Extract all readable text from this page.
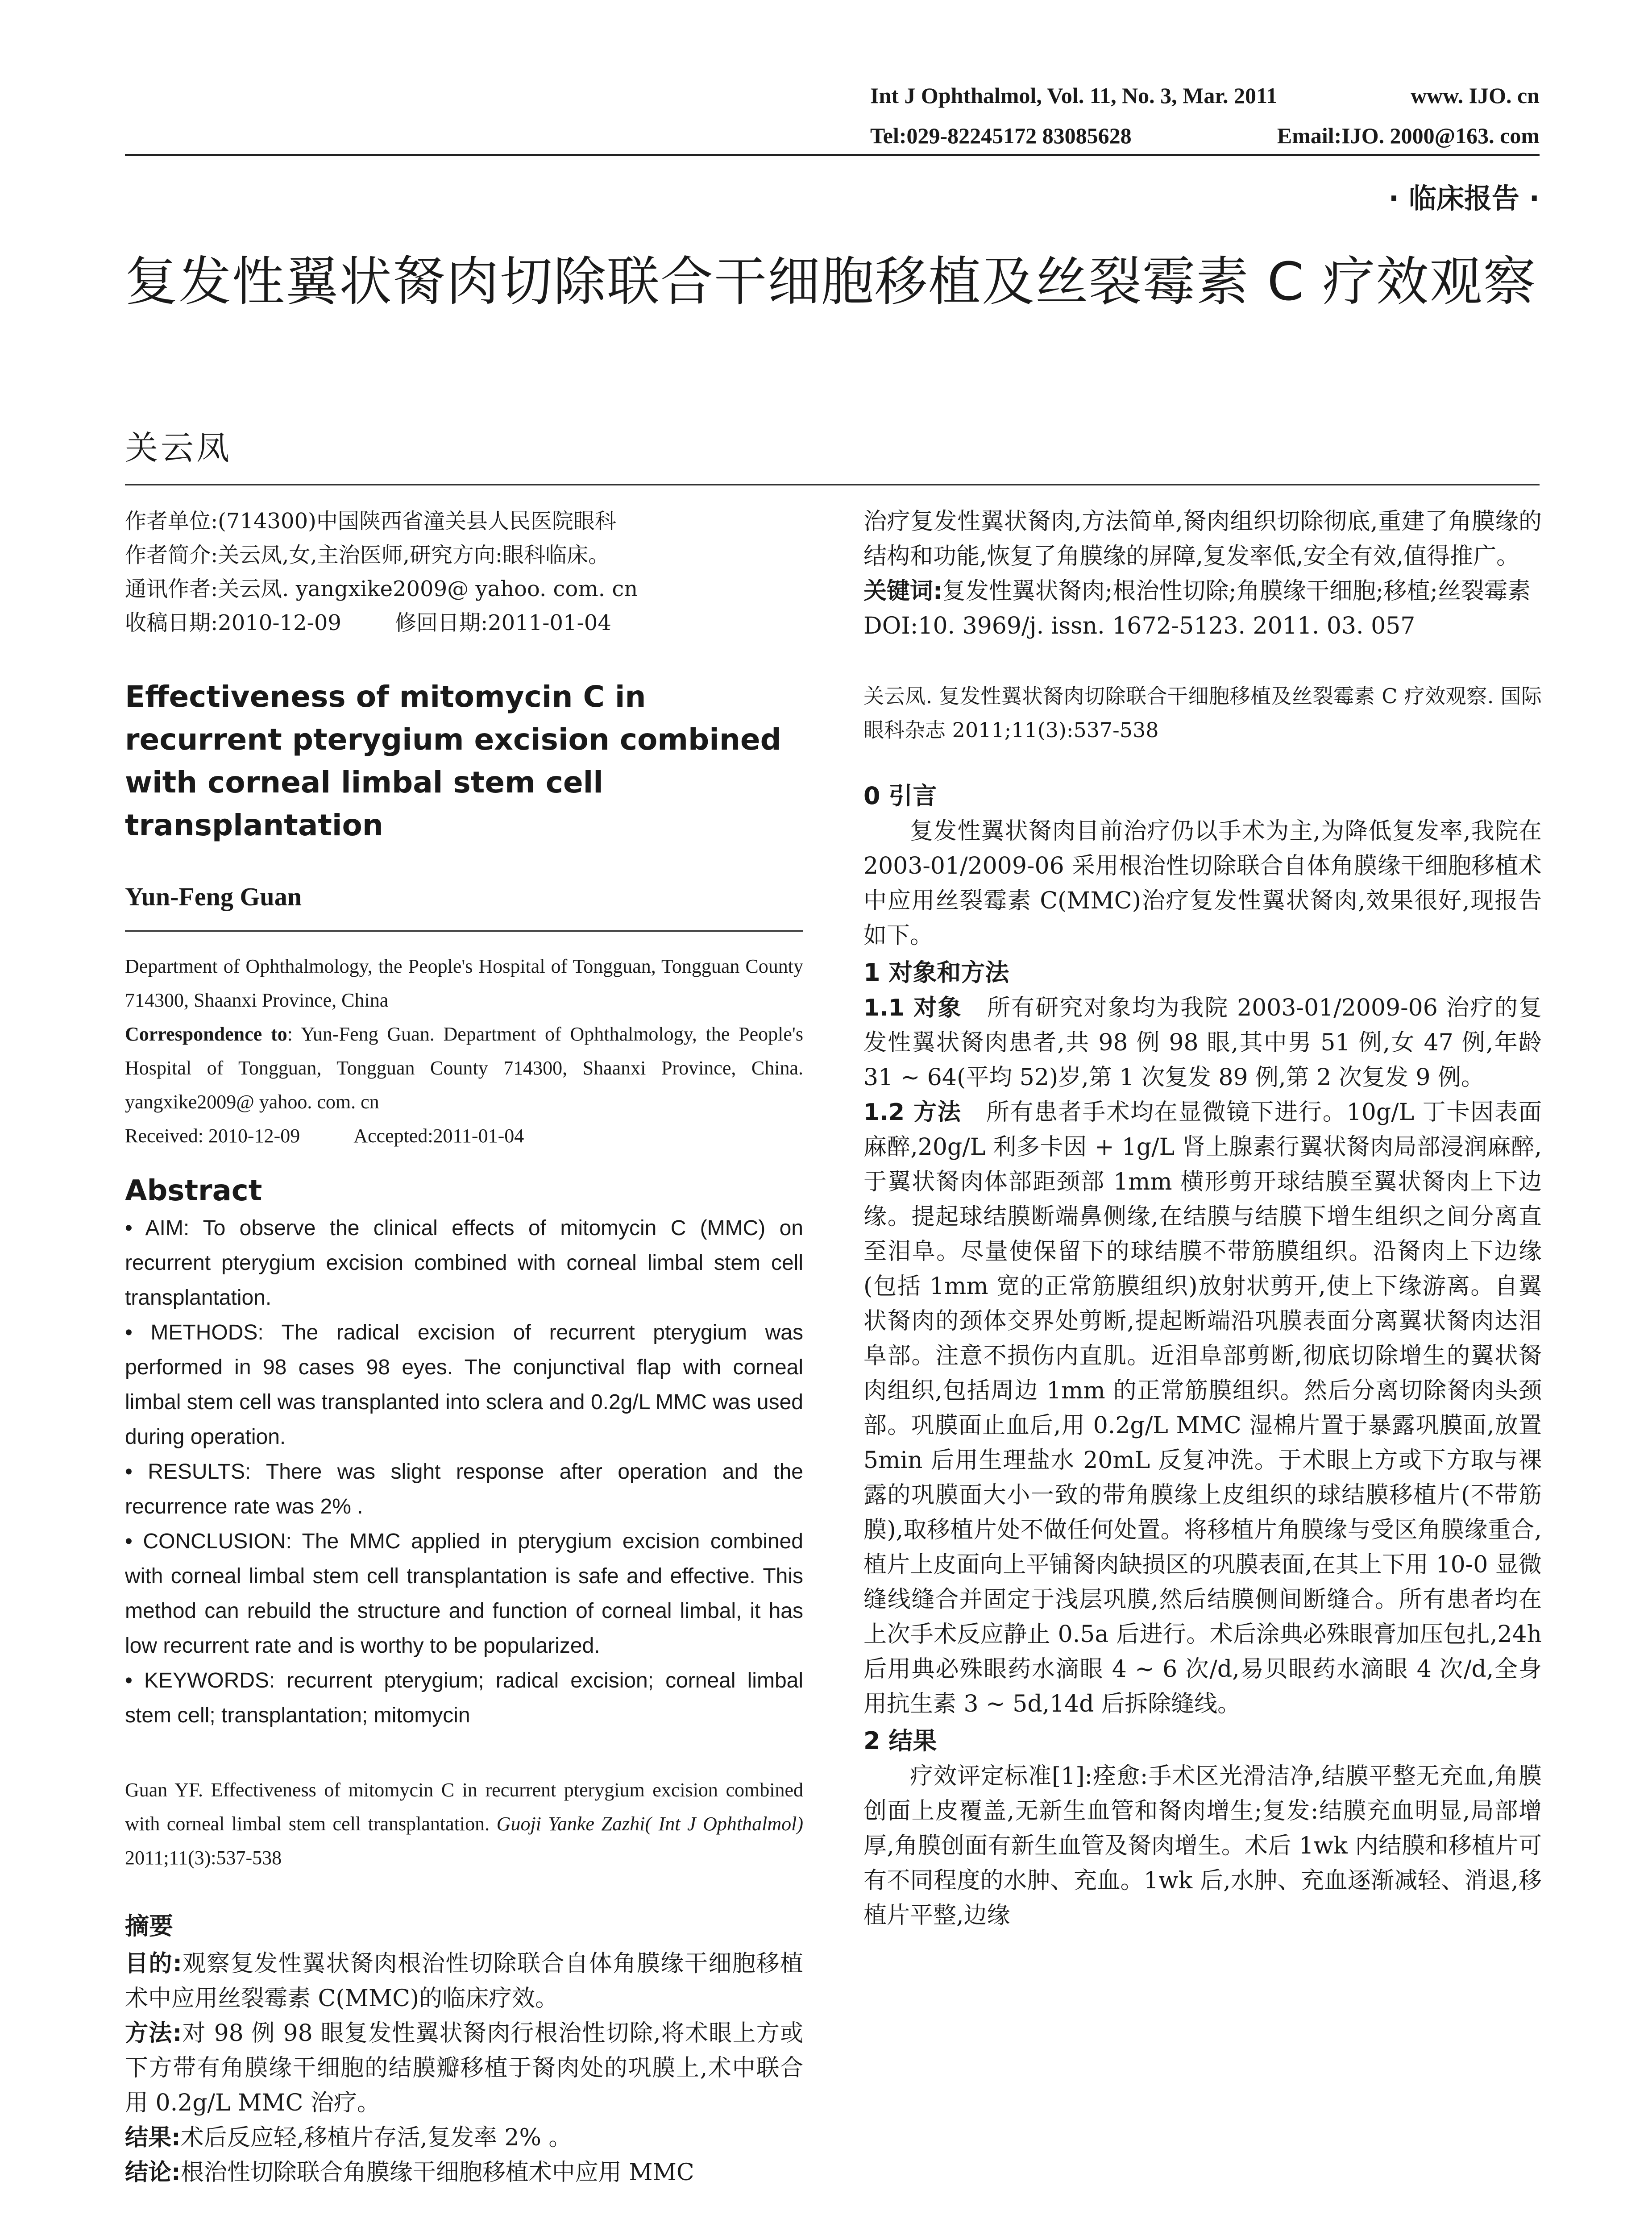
Int J Ophthalmol, Vol. 11, No. 3, Mar. 2011	www. IJO. cn
Tel:029-82245172 83085628	Email:IJO. 2000@163. com
· 临床报告 ·
复发性翼状胬肉切除联合干细胞移植及丝裂霉素 C 疗效观察
关云凤
作者单位:(714300)中国陕西省潼关县人民医院眼科
作者简介:关云凤,女,主治医师,研究方向:眼科临床。
通讯作者:关云凤. yangxike2009@ yahoo. com. cn
收稿日期:2010-12-09	修回日期:2011-01-04
Effectiveness of mitomycin C in recurrent pterygium excision combined with corneal limbal stem cell transplantation
Yun-Feng Guan
Department of Ophthalmology, the People's Hospital of Tongguan, Tongguan County 714300, Shaanxi Province, China
Correspondence to: Yun-Feng Guan. Department of Ophthalmology, the People's Hospital of Tongguan, Tongguan County 714300, Shaanxi Province, China. yangxike2009@ yahoo. com. cn
Received: 2010-12-09	Accepted:2011-01-04
Abstract
• AIM: To observe the clinical effects of mitomycin C (MMC) on recurrent pterygium excision combined with corneal limbal stem cell transplantation.
• METHODS: The radical excision of recurrent pterygium was performed in 98 cases 98 eyes. The conjunctival flap with corneal limbal stem cell was transplanted into sclera and 0.2g/L MMC was used during operation.
• RESULTS: There was slight response after operation and the recurrence rate was 2% .
• CONCLUSION: The MMC applied in pterygium excision combined with corneal limbal stem cell transplantation is safe and effective. This method can rebuild the structure and function of corneal limbal, it has low recurrent rate and is worthy to be popularized.
• KEYWORDS: recurrent pterygium; radical excision; corneal limbal stem cell; transplantation; mitomycin
Guan YF. Effectiveness of mitomycin C in recurrent pterygium excision combined with corneal limbal stem cell transplantation. Guoji Yanke Zazhi( Int J Ophthalmol) 2011;11(3):537-538
摘要
目的:观察复发性翼状胬肉根治性切除联合自体角膜缘干细胞移植术中应用丝裂霉素 C(MMC)的临床疗效。
方法:对 98 例 98 眼复发性翼状胬肉行根治性切除,将术眼上方或下方带有角膜缘干细胞的结膜瓣移植于胬肉处的巩膜上,术中联合用 0.2g/L MMC 治疗。
结果:术后反应轻,移植片存活,复发率 2% 。
结论:根治性切除联合角膜缘干细胞移植术中应用 MMC
治疗复发性翼状胬肉,方法简单,胬肉组织切除彻底,重建了角膜缘的结构和功能,恢复了角膜缘的屏障,复发率低,安全有效,值得推广。
关键词:复发性翼状胬肉;根治性切除;角膜缘干细胞;移植;丝裂霉素
DOI:10. 3969/j. issn. 1672-5123. 2011. 03. 057
关云凤. 复发性翼状胬肉切除联合干细胞移植及丝裂霉素 C 疗效观察. 国际眼科杂志 2011;11(3):537-538
0 引言
复发性翼状胬肉目前治疗仍以手术为主,为降低复发率,我院在 2003-01/2009-06 采用根治性切除联合自体角膜缘干细胞移植术中应用丝裂霉素 C(MMC)治疗复发性翼状胬肉,效果很好,现报告如下。
1 对象和方法
1.1 对象 所有研究对象均为我院 2003-01/2009-06 治疗的复发性翼状胬肉患者,共 98 例 98 眼,其中男 51 例,女 47 例,年龄 31 ~ 64(平均 52)岁,第 1 次复发 89 例,第 2 次复发 9 例。
1.2 方法 所有患者手术均在显微镜下进行。10g/L 丁卡因表面麻醉,20g/L 利多卡因 + 1g/L 肾上腺素行翼状胬肉局部浸润麻醉,于翼状胬肉体部距颈部 1mm 横形剪开球结膜至翼状胬肉上下边缘。提起球结膜断端鼻侧缘,在结膜与结膜下增生组织之间分离直至泪阜。尽量使保留下的球结膜不带筋膜组织。沿胬肉上下边缘(包括 1mm 宽的正常筋膜组织)放射状剪开,使上下缘游离。自翼状胬肉的颈体交界处剪断,提起断端沿巩膜表面分离翼状胬肉达泪阜部。注意不损伤内直肌。近泪阜部剪断,彻底切除增生的翼状胬肉组织,包括周边 1mm 的正常筋膜组织。然后分离切除胬肉头颈部。巩膜面止血后,用 0.2g/L MMC 湿棉片置于暴露巩膜面,放置 5min 后用生理盐水 20mL 反复冲洗。于术眼上方或下方取与裸露的巩膜面大小一致的带角膜缘上皮组织的球结膜移植片(不带筋膜),取移植片处不做任何处置。将移植片角膜缘与受区角膜缘重合,植片上皮面向上平铺胬肉缺损区的巩膜表面,在其上下用 10-0 显微缝线缝合并固定于浅层巩膜,然后结膜侧间断缝合。所有患者均在上次手术反应静止 0.5a 后进行。术后涂典必殊眼膏加压包扎,24h 后用典必殊眼药水滴眼 4 ~ 6 次/d,易贝眼药水滴眼 4 次/d,全身用抗生素 3 ~ 5d,14d 后拆除缝线。
2 结果
疗效评定标准[1]:痊愈:手术区光滑洁净,结膜平整无充血,角膜创面上皮覆盖,无新生血管和胬肉增生;复发:结膜充血明显,局部增厚,角膜创面有新生血管及胬肉增生。术后 1wk 内结膜和移植片可有不同程度的水肿、充血。1wk 后,水肿、充血逐渐减轻、消退,移植片平整,边缘
